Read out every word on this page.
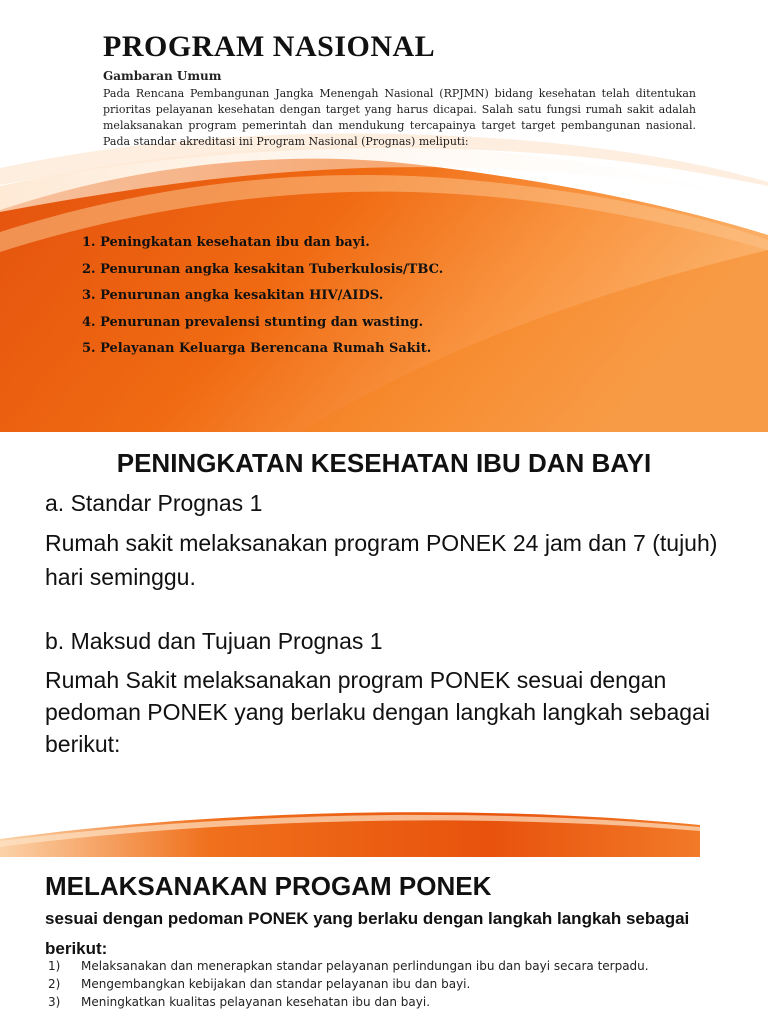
PROGRAM NASIONAL

Gambaran Umum

Pada Rencana Pembangunan Jangka Menengah Nasional (RPJMN) bidang kesehatan telah ditentukan prioritas pelayanan kesehatan dengan target yang harus dicapai. Salah satu fungsi rumah sakit adalah melaksanakan program pemerintah dan mendukung tercapainya target target pembangunan nasional. Pada standar akreditasi ini Program Nasional (Prognas) meliputi:

1. Peningkatan kesehatan ibu dan bayi.
2. Penurunan angka kesakitan Tuberkulosis/TBC.
3. Penurunan angka kesakitan HIV/AIDS.
4. Penurunan prevalensi stunting dan wasting.
5. Pelayanan Keluarga Berencana Rumah Sakit.
PENINGKATAN KESEHATAN IBU DAN BAYI

a. Standar Prognas 1

Rumah sakit melaksanakan program PONEK 24 jam dan 7 (tujuh) hari seminggu.

b. Maksud dan Tujuan Prognas 1

Rumah Sakit melaksanakan program PONEK sesuai dengan pedoman PONEK yang berlaku dengan langkah langkah sebagai berikut:

MELAKSANAKAN PROGAM PONEK

sesuai dengan pedoman PONEK yang berlaku dengan langkah langkah sebagai berikut:

1) Melaksanakan dan menerapkan standar pelayanan perlindungan ibu dan bayi secara terpadu.
2) Mengembangkan kebijakan dan standar pelayanan ibu dan bayi.
3) Meningkatkan kualitas pelayanan kesehatan ibu dan bayi.
